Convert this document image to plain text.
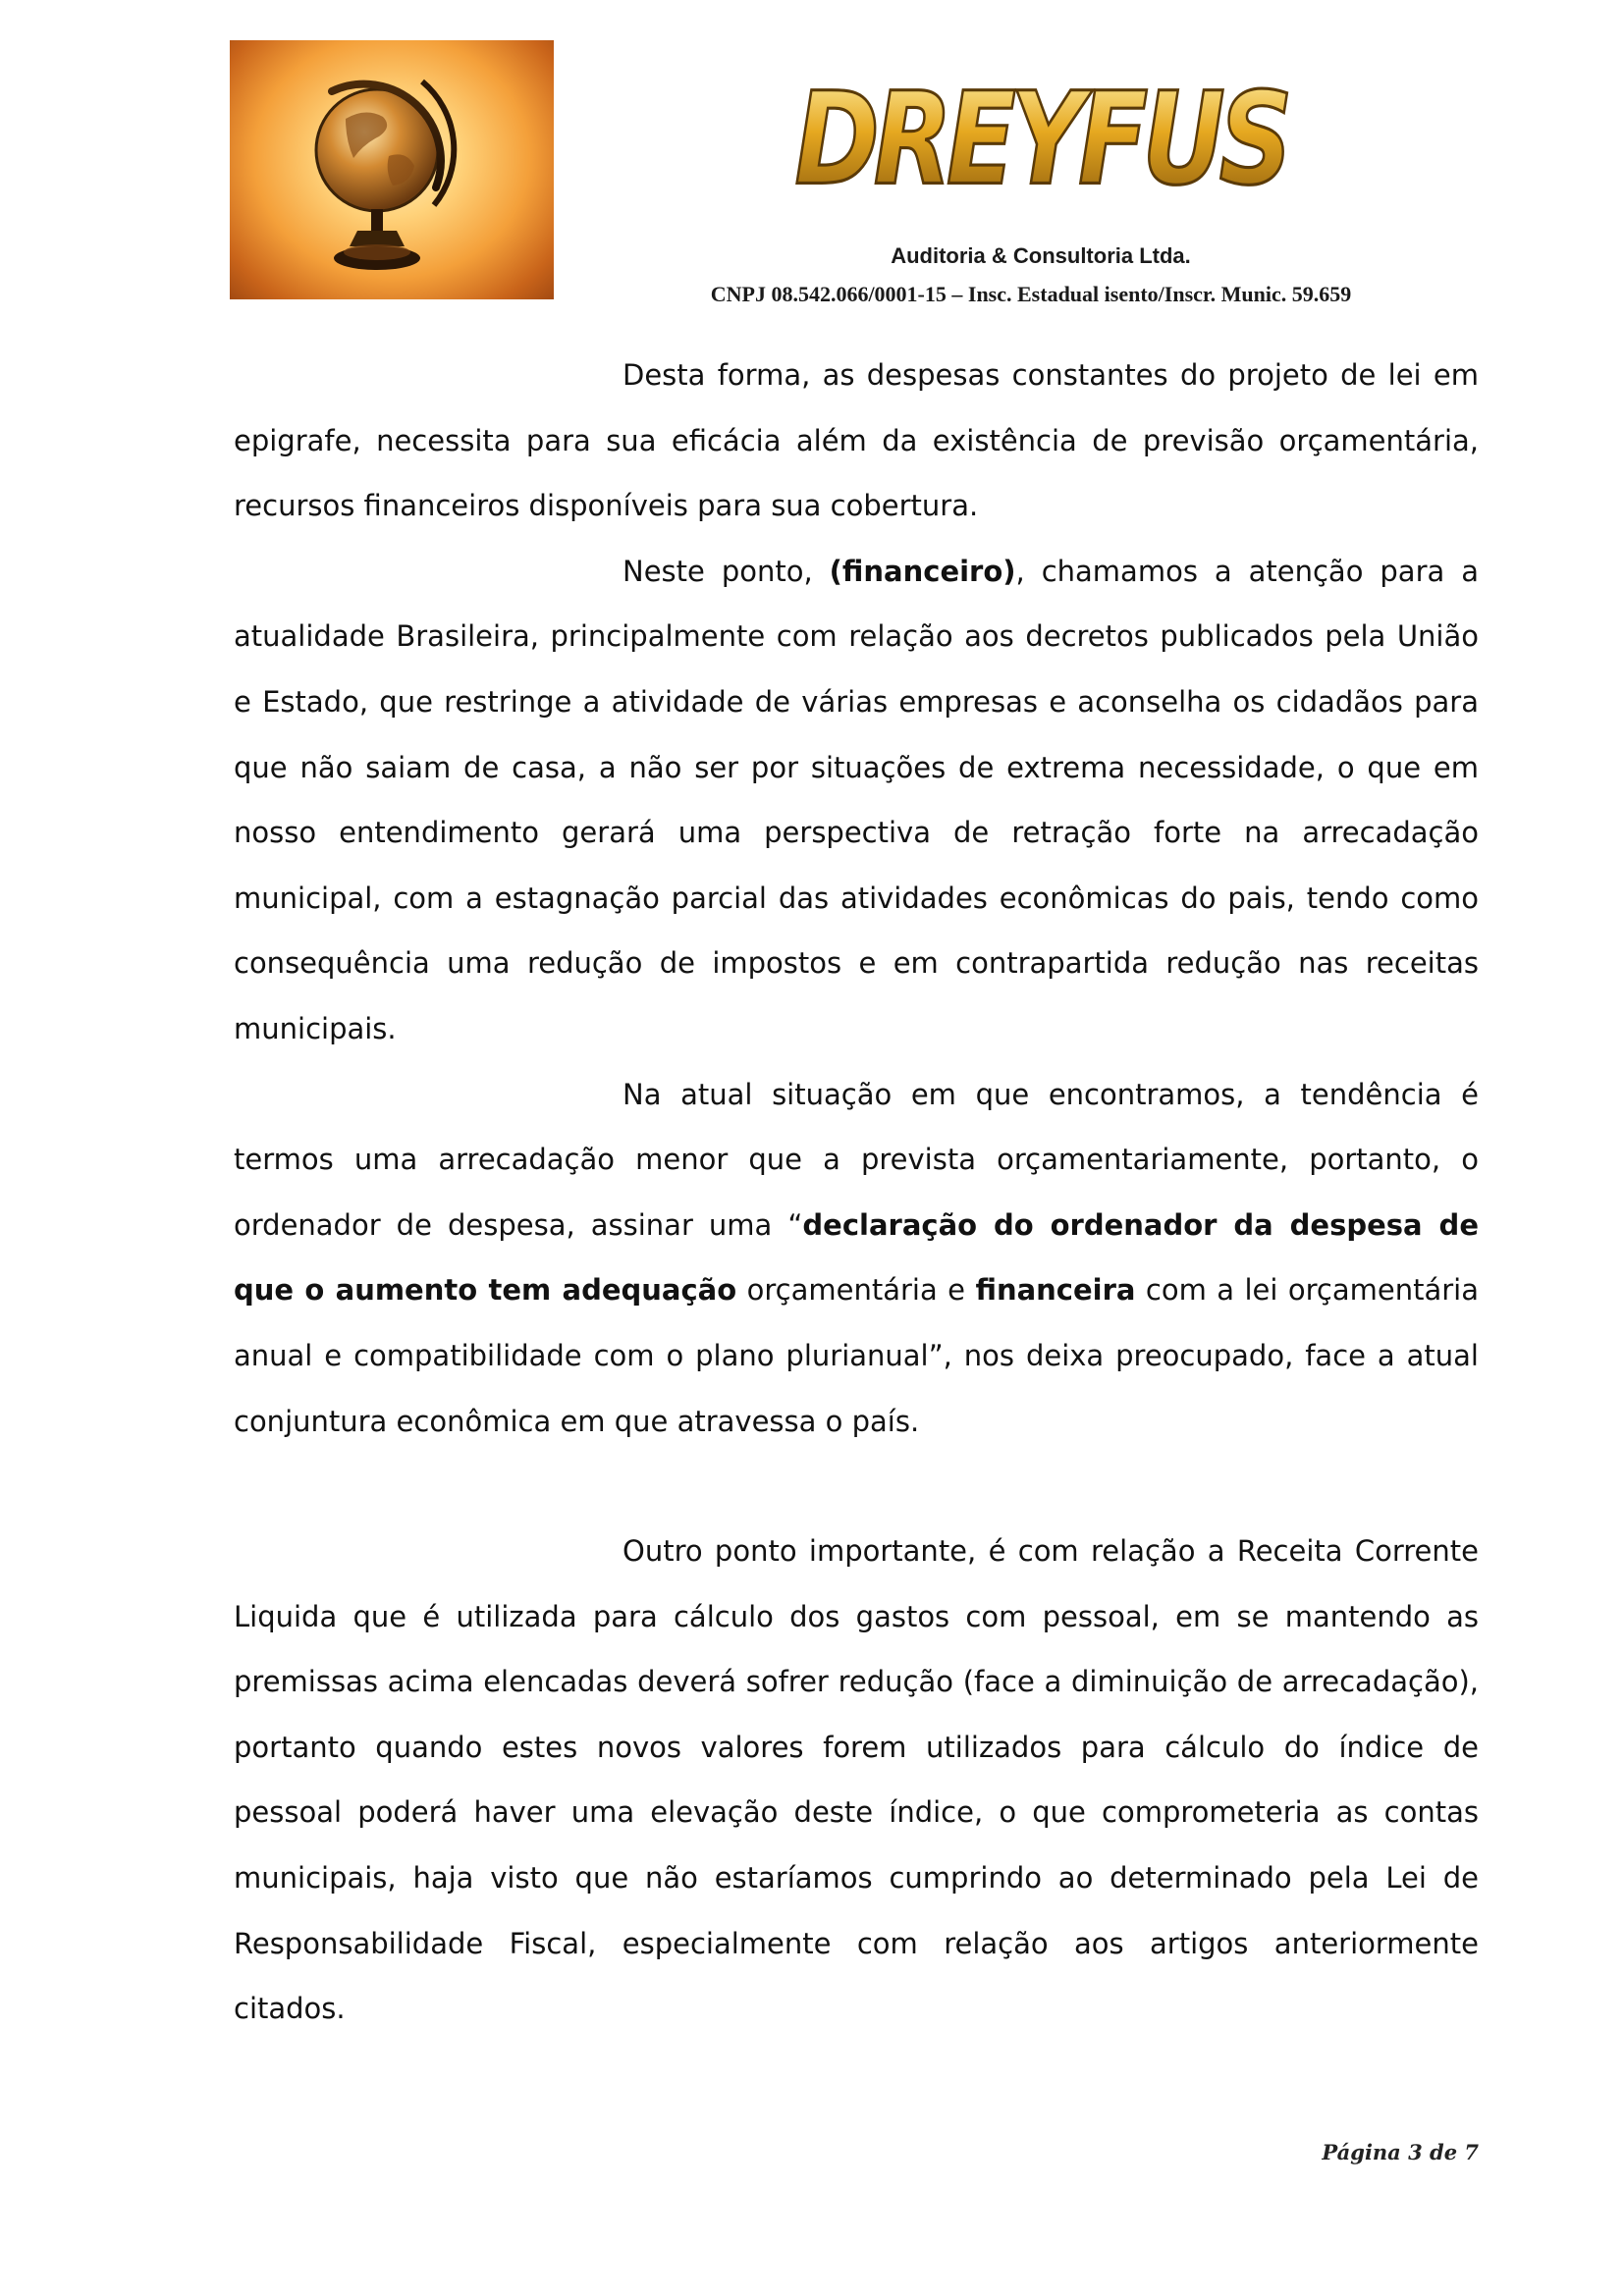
DREYFUS
Auditoria & Consultoria Ltda.
CNPJ 08.542.066/0001-15 – Insc. Estadual isento/Inscr. Munic. 59.659

Desta forma, as despesas constantes do projeto de lei em epigrafe, necessita para sua eficácia além da existência de previsão orçamentária, recursos financeiros disponíveis para sua cobertura.

Neste ponto, (financeiro), chamamos a atenção para a atualidade Brasileira, principalmente com relação aos decretos publicados pela União e Estado, que restringe a atividade de várias empresas e aconselha os cidadãos para que não saiam de casa, a não ser por situações de extrema necessidade, o que em nosso entendimento gerará uma perspectiva de retração forte na arrecadação municipal, com a estagnação parcial das atividades econômicas do pais, tendo como consequência uma redução de impostos e em contrapartida redução nas receitas municipais.

Na atual situação em que encontramos, a tendência é termos uma arrecadação menor que a prevista orçamentariamente, portanto, o ordenador de despesa, assinar uma “declaração do ordenador da despesa de que o aumento tem adequação orçamentária e financeira com a lei orçamentária anual e compatibilidade com o plano plurianual”, nos deixa preocupado, face a atual conjuntura econômica em que atravessa o país.

Outro ponto importante, é com relação a Receita Corrente Liquida que é utilizada para cálculo dos gastos com pessoal, em se mantendo as premissas acima elencadas deverá sofrer redução (face a diminuição de arrecadação), portanto quando estes novos valores forem utilizados para cálculo do índice de pessoal poderá haver uma elevação deste índice, o que comprometeria as contas municipais, haja visto que não estaríamos cumprindo ao determinado pela Lei de Responsabilidade Fiscal, especialmente com relação aos artigos anteriormente citados.

Página 3 de 7
